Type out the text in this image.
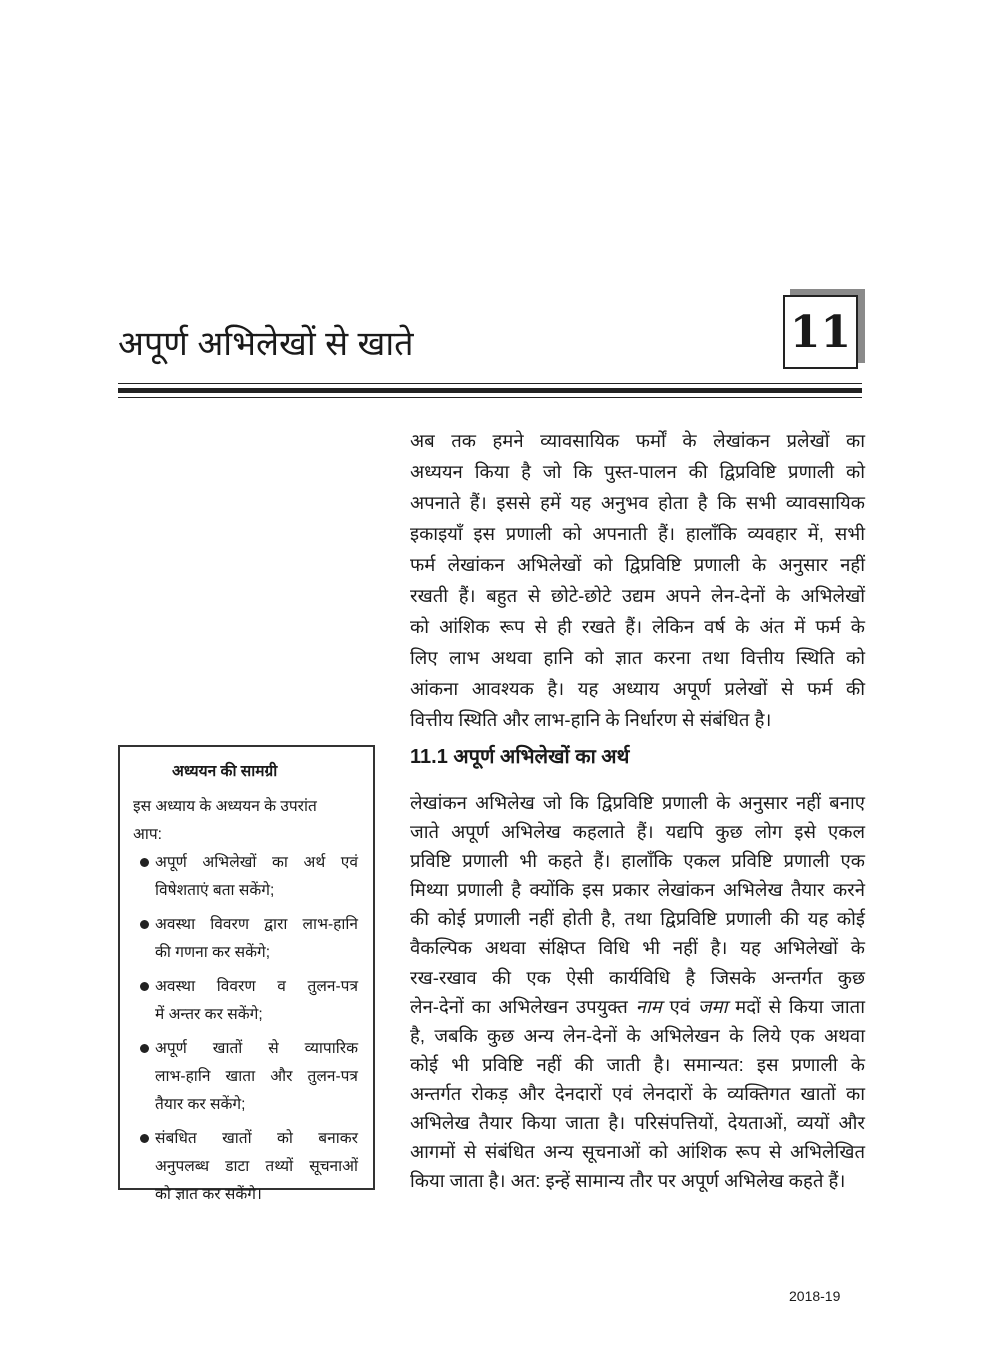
अपूर्ण अभिलेखों से खाते	11
अब तक हमने व्यावसायिक फर्मों के लेखांकन प्रलेखों का
अध्ययन किया है जो कि पुस्त-पालन की द्विप्रविष्टि प्रणाली को
अपनाते हैं। इससे हमें यह अनुभव होता है कि सभी व्यावसायिक
इकाइयाँ इस प्रणाली को अपनाती हैं। हालाँकि व्यवहार में, सभी
फर्म लेखांकन अभिलेखों को द्विप्रविष्टि प्रणाली के अनुसार नहीं
रखती हैं। बहुत से छोटे-छोटे उद्यम अपने लेन-देनों के अभिलेखों
को आंशिक रूप से ही रखते हैं। लेकिन वर्ष के अंत में फर्म के
लिए लाभ अथवा हानि को ज्ञात करना तथा वित्तीय स्थिति को
आंकना आवश्यक है। यह अध्याय अपूर्ण प्रलेखों से फर्म की
वित्तीय स्थिति और लाभ-हानि के निर्धारण से संबंधित है।
11.1 अपूर्ण अभिलेखों का अर्थ
लेखांकन अभिलेख जो कि द्विप्रविष्टि प्रणाली के अनुसार नहीं बनाए
जाते अपूर्ण अभिलेख कहलाते हैं। यद्यपि कुछ लोग इसे एकल
प्रविष्टि प्रणाली भी कहते हैं। हालाँकि एकल प्रविष्टि प्रणाली एक
मिथ्या प्रणाली है क्योंकि इस प्रकार लेखांकन अभिलेख तैयार करने
की कोई प्रणाली नहीं होती है, तथा द्विप्रविष्टि प्रणाली की यह कोई
वैकल्पिक अथवा संक्षिप्त विधि भी नहीं है। यह अभिलेखों के
रख-रखाव की एक ऐसी कार्यविधि है जिसके अन्तर्गत कुछ
लेन-देनों का अभिलेखन उपयुक्त नाम एवं जमा मदों से किया जाता
है, जबकि कुछ अन्य लेन-देनों के अभिलेखन के लिये एक अथवा
कोई भी प्रविष्टि नहीं की जाती है। समान्यत: इस प्रणाली के
अन्तर्गत रोकड़ और देनदारों एवं लेनदारों के व्यक्तिगत खातों का
अभिलेख तैयार किया जाता है। परिसंपत्तियों, देयताओं, व्ययों और
आगमों से संबंधित अन्य सूचनाओं को आंशिक रूप से अभिलेखित
किया जाता है। अत: इन्हें सामान्य तौर पर अपूर्ण अभिलेख कहते हैं।
अध्ययन की सामग्री
इस अध्याय के अध्ययन के उपरांत
आप:
अपूर्ण अभिलेखों का अर्थ एवं
विषेशताएं बता सकेंगे;
अवस्था विवरण द्वारा लाभ-हानि
की गणना कर सकेंगे;
अवस्था विवरण व तुलन-पत्र
में अन्तर कर सकेंगे;
अपूर्ण खातों से व्यापारिक
लाभ-हानि खाता और तुलन-पत्र
तैयार कर सकेंगे;
संबधित खातों को बनाकर
अनुपलब्ध डाटा तथ्यों सूचनाओं
को ज्ञात कर सकेंगे।
2018-19
